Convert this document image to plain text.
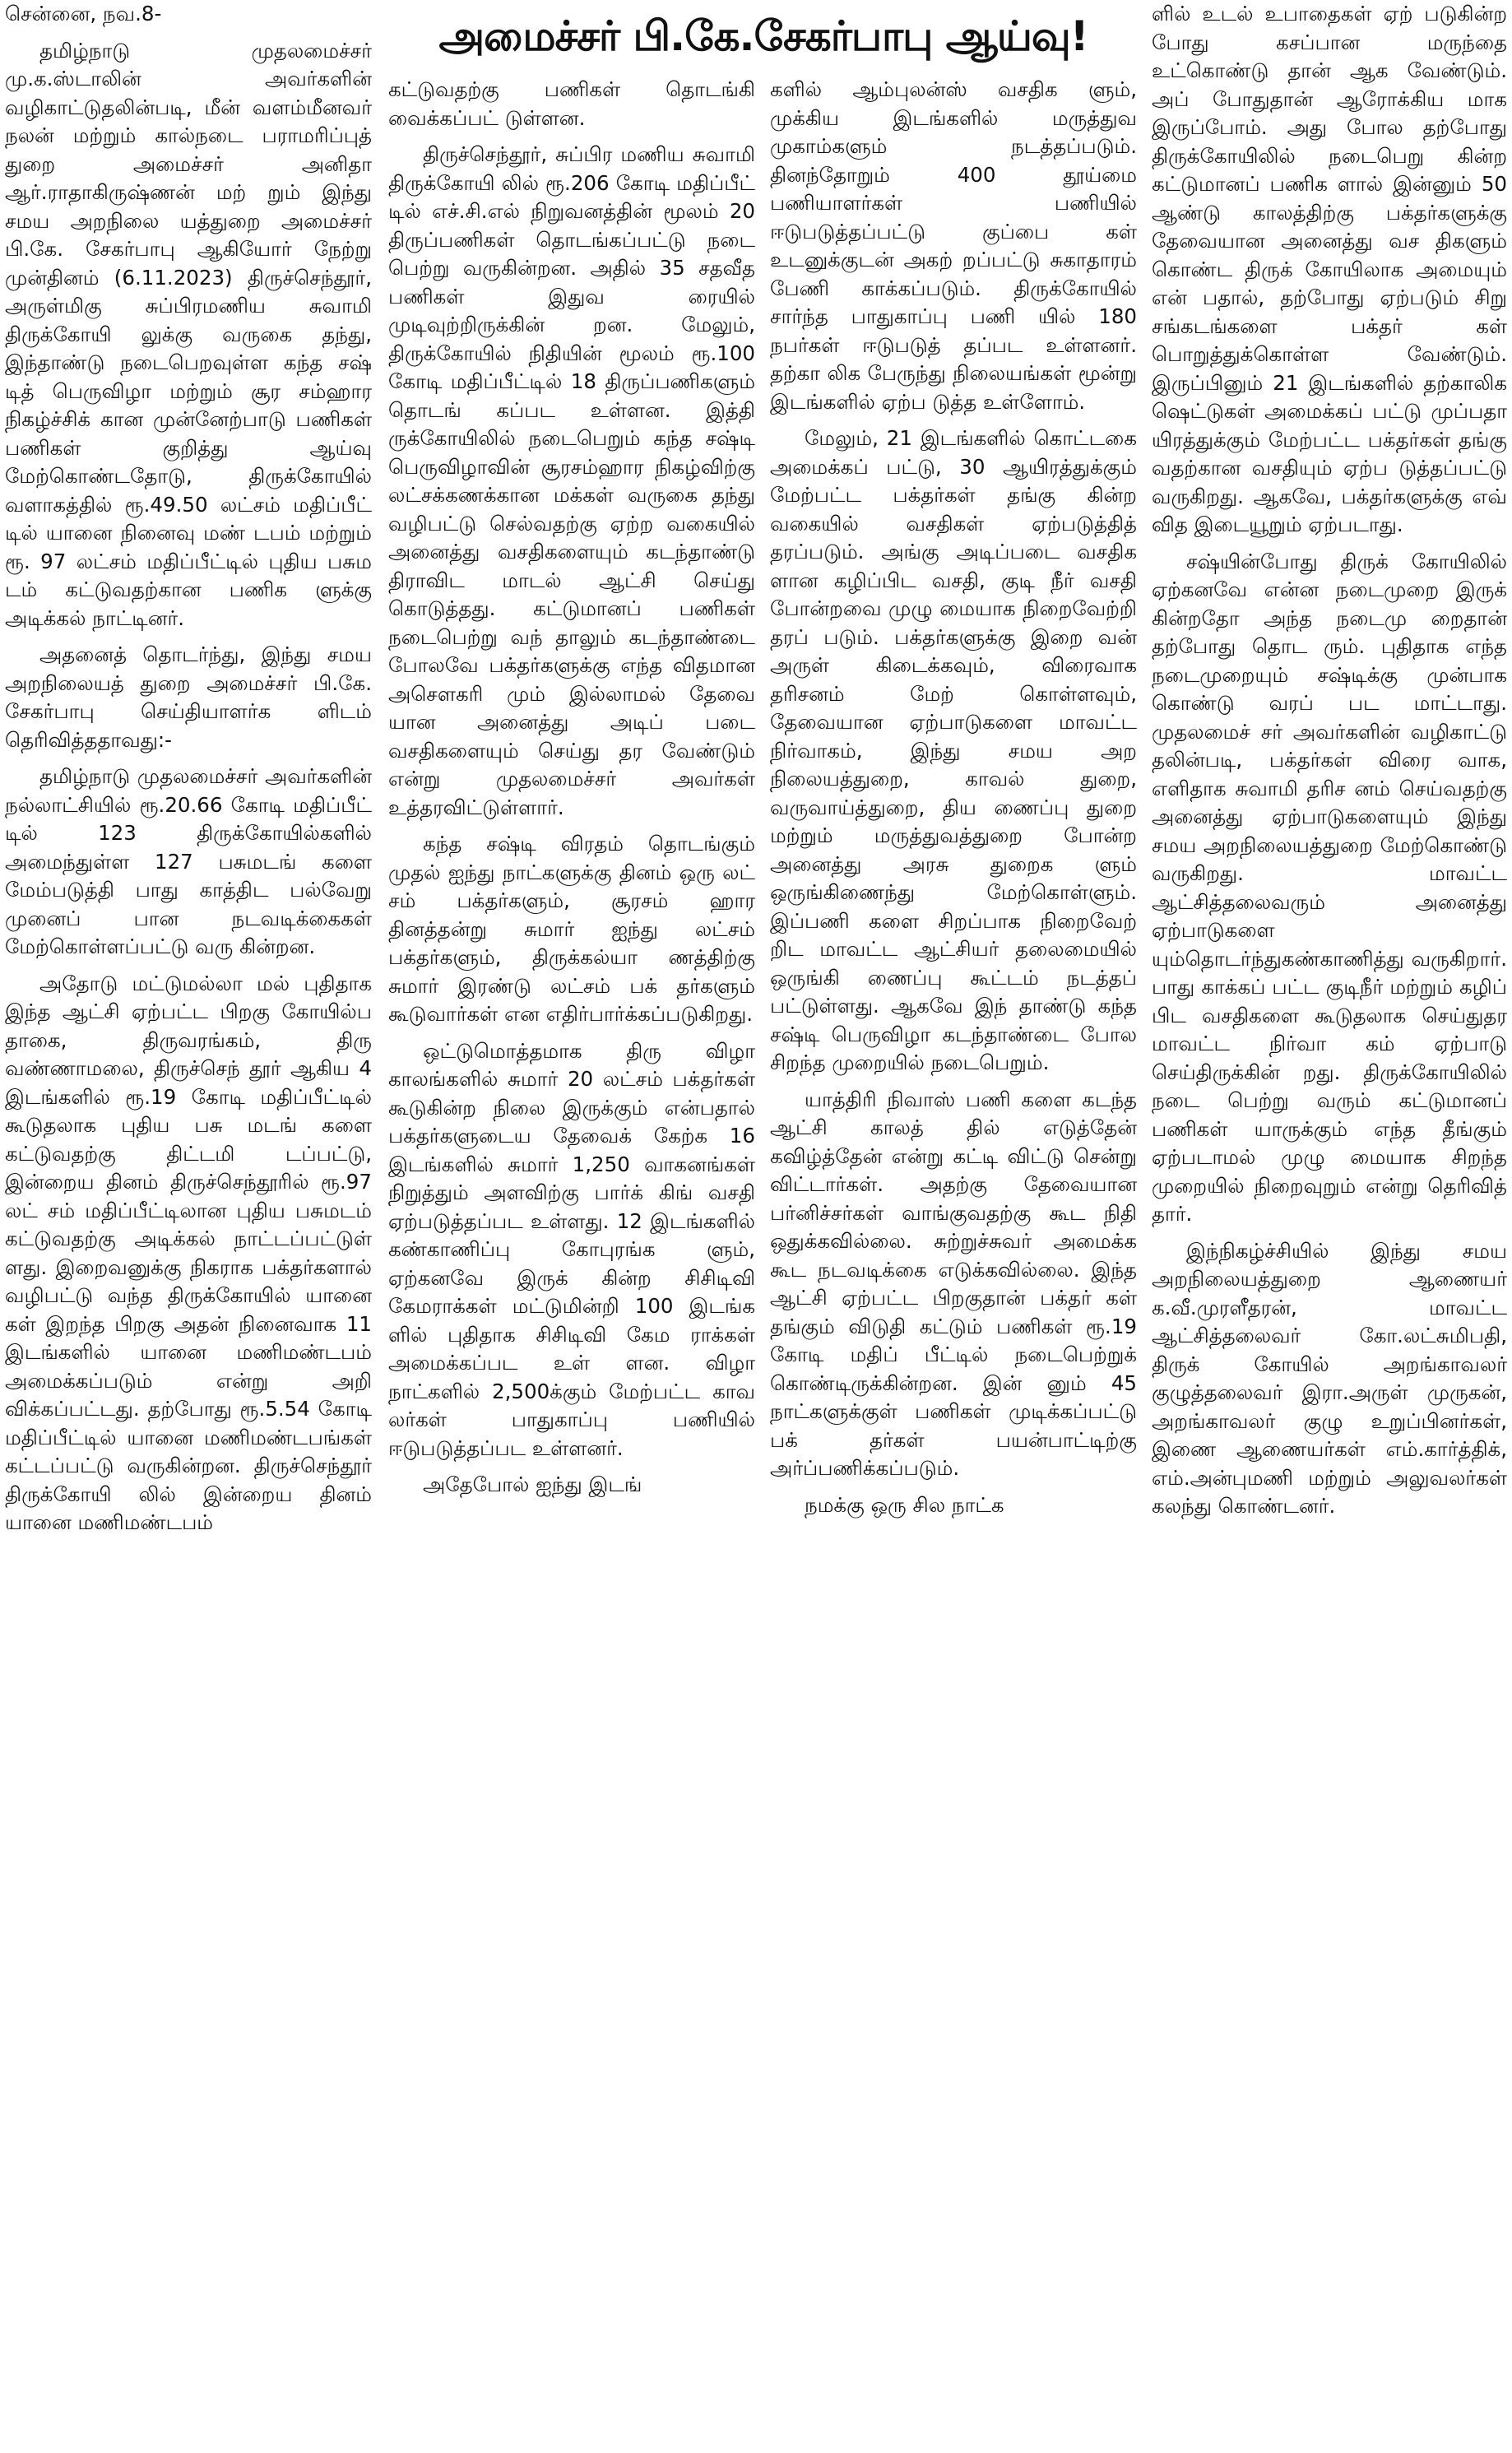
சென்னை, நவ.8-

தமிழ்நாடு முதலமைச்சர் மு.க.ஸ்டாலின் அவர்களின் வழிகாட்டுதலின்படி, மீன் வளம்மீனவர் நலன் மற்றும் கால்நடை பராமரிப்புத் துறை அமைச்சர் அனிதா ஆர்.ராதாகிருஷ்ணன் மற் றும் இந்து சமய அறநிலை யத்துறை அமைச்சர் பி.கே. சேகர்பாபு ஆகியோர் நேற்று முன்தினம் (6.11.2023) திருச்செந்தூர், அருள்மிகு சுப்பிரமணிய சுவாமி திருக்கோயி லுக்கு வருகை தந்து, இந்தாண்டு நடைபெறவுள்ள கந்த சஷ் டித் பெருவிழா மற்றும் சூர சம்ஹார நிகழ்ச்சிக் கான முன்னேற்பாடு பணிகள் பணிகள் குறித்து ஆய்வு மேற்கொண்டதோடு, திருக்கோயில் வளாகத்தில் ரூ.49.50 லட்சம் மதிப்பீட் டில் யானை நினைவு மண் டபம் மற்றும் ரூ. 97 லட்சம் மதிப்பீட்டில் புதிய பசும டம் கட்டுவதற்கான பணிக ளுக்கு அடிக்கல் நாட்டினர்.

அதனைத் தொடர்ந்து, இந்து சமய அறநிலையத் துறை அமைச்சர் பி.கே. சேகர்பாபு செய்தியாளர்க ளிடம் தெரிவித்ததாவது:-

தமிழ்நாடு முதலமைச்சர் அவர்களின் நல்லாட்சியில் ரூ.20.66 கோடி மதிப்பீட் டில் 123 திருக்கோயில்களில் அமைந்துள்ள 127 பசுமடங் களை மேம்படுத்தி பாது காத்திட பல்வேறு முனைப் பான நடவடிக்கைகள் மேற்கொள்ளப்பட்டு வரு கின்றன.

அதோடு மட்டுமல்லா மல் புதிதாக இந்த ஆட்சி ஏற்பட்ட பிறகு கோயில்ப தாகை, திருவரங்கம், திரு வண்ணாமலை, திருச்செந் தூர் ஆகிய 4 இடங்களில் ரூ.19 கோடி மதிப்பீட்டில் கூடுதலாக புதிய பசு மடங் களை கட்டுவதற்கு திட்டமி டப்பட்டு, இன்றைய தினம் திருச்செந்தூரில் ரூ.97 லட் சம் மதிப்பீட்டிலான புதிய பசுமடம் கட்டுவதற்கு அடிக்கல் நாட்டப்பட்டுள் ளது. இறைவனுக்கு நிகராக பக்தர்களால் வழிபட்டு வந்த திருக்கோயில் யானை கள் இறந்த பிறகு அதன் நினைவாக 11 இடங்களில் யானை மணிமண்டபம் அமைக்கப்படும் என்று அறி விக்கப்பட்டது. தற்போது ரூ.5.54 கோடி மதிப்பீட்டில் யானை மணிமண்டபங்கள் கட்டப்பட்டு வருகின்றன. திருச்செந்தூர் திருக்கோயி லில் இன்றைய தினம் யானை மணிமண்டபம்

அமைச்சர் பி.கே.சேகர்பாபு ஆய்வு!

கட்டுவதற்கு பணிகள் தொடங்கி வைக்கப்பட் டுள்ளன.

திருச்செந்தூர், சுப்பிர மணிய சுவாமி திருக்கோயி லில் ரூ.206 கோடி மதிப்பீட் டில் எச்.சி.எல் நிறுவனத்தின் மூலம் 20 திருப்பணிகள் தொடங்கப்பட்டு நடை பெற்று வருகின்றன. அதில் 35 சதவீத பணிகள் இதுவ ரையில் முடிவுற்றிருக்கின் றன. மேலும், திருக்கோயில் நிதியின் மூலம் ரூ.100 கோடி மதிப்பீட்டில் 18 திருப்பணிகளும் தொடங் கப்பட உள்ளன. இத்தி ருக்கோயிலில் நடைபெறும் கந்த சஷ்டி பெருவிழாவின் சூரசம்ஹார நிகழ்விற்கு லட்சக்கணக்கான மக்கள் வருகை தந்து வழிபட்டு செல்வதற்கு ஏற்ற வகையில் அனைத்து வசதிகளையும் கடந்தாண்டு திராவிட மாடல் ஆட்சி செய்து கொடுத்தது. கட்டுமானப் பணிகள் நடைபெற்று வந் தாலும் கடந்தாண்டை போலவே பக்தர்களுக்கு எந்த விதமான அசௌகரி மும் இல்லாமல் தேவை யான அனைத்து அடிப் படை வசதிகளையும் செய்து தர வேண்டும் என்று முதலமைச்சர் அவர்கள் உத்தரவிட்டுள்ளார்.

கந்த சஷ்டி விரதம் தொடங்கும் முதல் ஐந்து நாட்களுக்கு தினம் ஒரு லட் சம் பக்தர்களும், சூரசம் ஹார தினத்தன்று சுமார் ஐந்து லட்சம் பக்தர்களும், திருக்கல்யா ணத்திற்கு சுமார் இரண்டு லட்சம் பக் தர்களும் கூடுவார்கள் என எதிர்பார்க்கப்படுகிறது.

ஒட்டுமொத்தமாக திரு விழா காலங்களில் சுமார் 20 லட்சம் பக்தர்கள் கூடுகின்ற நிலை இருக்கும் என்பதால் பக்தர்களுடைய தேவைக் கேற்க 16 இடங்களில் சுமார் 1,250 வாகனங்கள் நிறுத்தும் அளவிற்கு பார்க் கிங் வசதி ஏற்படுத்தப்பட உள்ளது. 12 இடங்களில் கண்காணிப்பு கோபுரங்க ளும், ஏற்கனவே இருக் கின்ற சிசிடிவி கேமராக்கள் மட்டுமின்றி 100 இடங்க ளில் புதிதாக சிசிடிவி கேம ராக்கள் அமைக்கப்பட உள் ளன. விழா நாட்களில் 2,500க்கும் மேற்பட்ட காவ லர்கள் பாதுகாப்பு பணியில் ஈடுபடுத்தப்பட உள்ளனர்.

அதேபோல் ஐந்து இடங்

களில் ஆம்புலன்ஸ் வசதிக ளும், முக்கிய இடங்களில் மருத்துவ முகாம்களும் நடத்தப்படும். தினந்தோறும் 400 தூய்மை பணியாளர்கள் பணியில் ஈடுபடுத்தப்பட்டு குப்பை கள் உடனுக்குடன் அகற் றப்பட்டு சுகாதாரம் பேணி காக்கப்படும். திருக்கோயில் சார்ந்த பாதுகாப்பு பணி யில் 180 நபர்கள் ஈடுபடுத் தப்பட உள்ளனர். தற்கா லிக பேருந்து நிலையங்கள் மூன்று இடங்களில் ஏற்ப டுத்த உள்ளோம்.

மேலும், 21 இடங்களில் கொட்டகை அமைக்கப் பட்டு, 30 ஆயிரத்துக்கும் மேற்பட்ட பக்தர்கள் தங்கு கின்ற வகையில் வசதிகள் ஏற்படுத்தித் தரப்படும். அங்கு அடிப்படை வசதிக ளான கழிப்பிட வசதி, குடி நீர் வசதி போன்றவை முழு மையாக நிறைவேற்றி தரப் படும். பக்தர்களுக்கு இறை வன் அருள் கிடைக்கவும், விரைவாக தரிசனம் மேற் கொள்ளவும், தேவையான ஏற்பாடுகளை மாவட்ட நிர்வாகம், இந்து சமய அற நிலையத்துறை, காவல் துறை, வருவாய்த்துறை, திய ணைப்பு துறை மற்றும் மருத்துவத்துறை போன்ற அனைத்து அரசு துறைக ளும் ஒருங்கிணைந்து மேற்கொள்ளும். இப்பணி களை சிறப்பாக நிறைவேற் றிட மாவட்ட ஆட்சியர் தலைமையில் ஒருங்கி ணைப்பு கூட்டம் நடத்தப் பட்டுள்ளது. ஆகவே இந் தாண்டு கந்த சஷ்டி பெருவிழா கடந்தாண்டை போல சிறந்த முறையில் நடைபெறும்.

யாத்திரி நிவாஸ் பணி களை கடந்த ஆட்சி காலத் தில் எடுத்தேன் கவிழ்த்தேன் என்று கட்டி விட்டு சென்று விட்டார்கள். அதற்கு தேவையான பர்னிச்சர்கள் வாங்குவதற்கு கூட நிதி ஒதுக்கவில்லை. சுற்றுச்சுவர் அமைக்க கூட நடவடிக்கை எடுக்கவில்லை. இந்த ஆட்சி ஏற்பட்ட பிறகுதான் பக்தர் கள் தங்கும் விடுதி கட்டும் பணிகள் ரூ.19 கோடி மதிப் பீட்டில் நடைபெற்றுக் கொண்டிருக்கின்றன. இன் னும் 45 நாட்களுக்குள் பணிகள் முடிக்கப்பட்டு பக் தர்கள் பயன்பாட்டிற்கு அர்ப்பணிக்கப்படும்.

நமக்கு ஒரு சில நாட்க

ளில் உடல் உபாதைகள் ஏற் படுகின்ற போது கசப்பான மருந்தை உட்கொண்டு தான் ஆக வேண்டும். அப் போதுதான் ஆரோக்கிய மாக இருப்போம். அது போல தற்போது திருக்கோயிலில் நடைபெறு கின்ற கட்டுமானப் பணிக ளால் இன்னும் 50 ஆண்டு காலத்திற்கு பக்தர்களுக்கு தேவையான அனைத்து வச திகளும் கொண்ட திருக் கோயிலாக அமையும் என் பதால், தற்போது ஏற்படும் சிறு சங்கடங்களை பக்தர் கள் பொறுத்துக்கொள்ள வேண்டும். இருப்பினும் 21 இடங்களில் தற்காலிக ஷெட்டுகள் அமைக்கப் பட்டு முப்பதா யிரத்துக்கும் மேற்பட்ட பக்தர்கள் தங்கு வதற்கான வசதியும் ஏற்ப டுத்தப்பட்டு வருகிறது. ஆகவே, பக்தர்களுக்கு எவ் வித இடையூறும் ஏற்படாது.

சஷ்யின்போது திருக் கோயிலில் ஏற்கனவே என்ன நடைமுறை இருக் கின்றதோ அந்த நடைமு றைதான் தற்போது தொட ரும். புதிதாக எந்த நடைமுறையும் சஷ்டிக்கு முன்பாக கொண்டு வரப் பட மாட்டாது. முதலமைச் சர் அவர்களின் வழிகாட்டு தலின்படி, பக்தர்கள் விரை வாக, எளிதாக சுவாமி தரிச னம் செய்வதற்கு அனைத்து ஏற்பாடுகளையும் இந்து சமய அறநிலையத்துறை மேற்கொண்டு வருகிறது. மாவட்ட ஆட்சித்தலைவரும் அனைத்து ஏற்பாடுகளை யும்தொடர்ந்துகண்காணித்து வருகிறார். பாது காக்கப் பட்ட குடிநீர் மற்றும் கழிப் பிட வசதிகளை கூடுதலாக செய்துதர மாவட்ட நிர்வா கம் ஏற்பாடு செய்திருக்கின் றது. திருக்கோயிலில் நடை பெற்று வரும் கட்டுமானப் பணிகள் யாருக்கும் எந்த தீங்கும் ஏற்படாமல் முழு மையாக சிறந்த முறையில் நிறைவுறும் என்று தெரிவித் தார்.

இந்நிகழ்ச்சியில் இந்து சமய அறநிலையத்துறை ஆணையர் க.வீ.முரளீதரன், மாவட்ட ஆட்சித்தலைவர் கோ.லட்சுமிபதி, திருக் கோயில் அறங்காவலர் குழுத்தலைவர் இரா.அருள் முருகன், அறங்காவலர் குழு உறுப்பினர்கள், இணை ஆணையர்கள் எம்.கார்த்திக், எம்.அன்புமணி மற்றும் அலுவலர்கள் கலந்து கொண்டனர்.
